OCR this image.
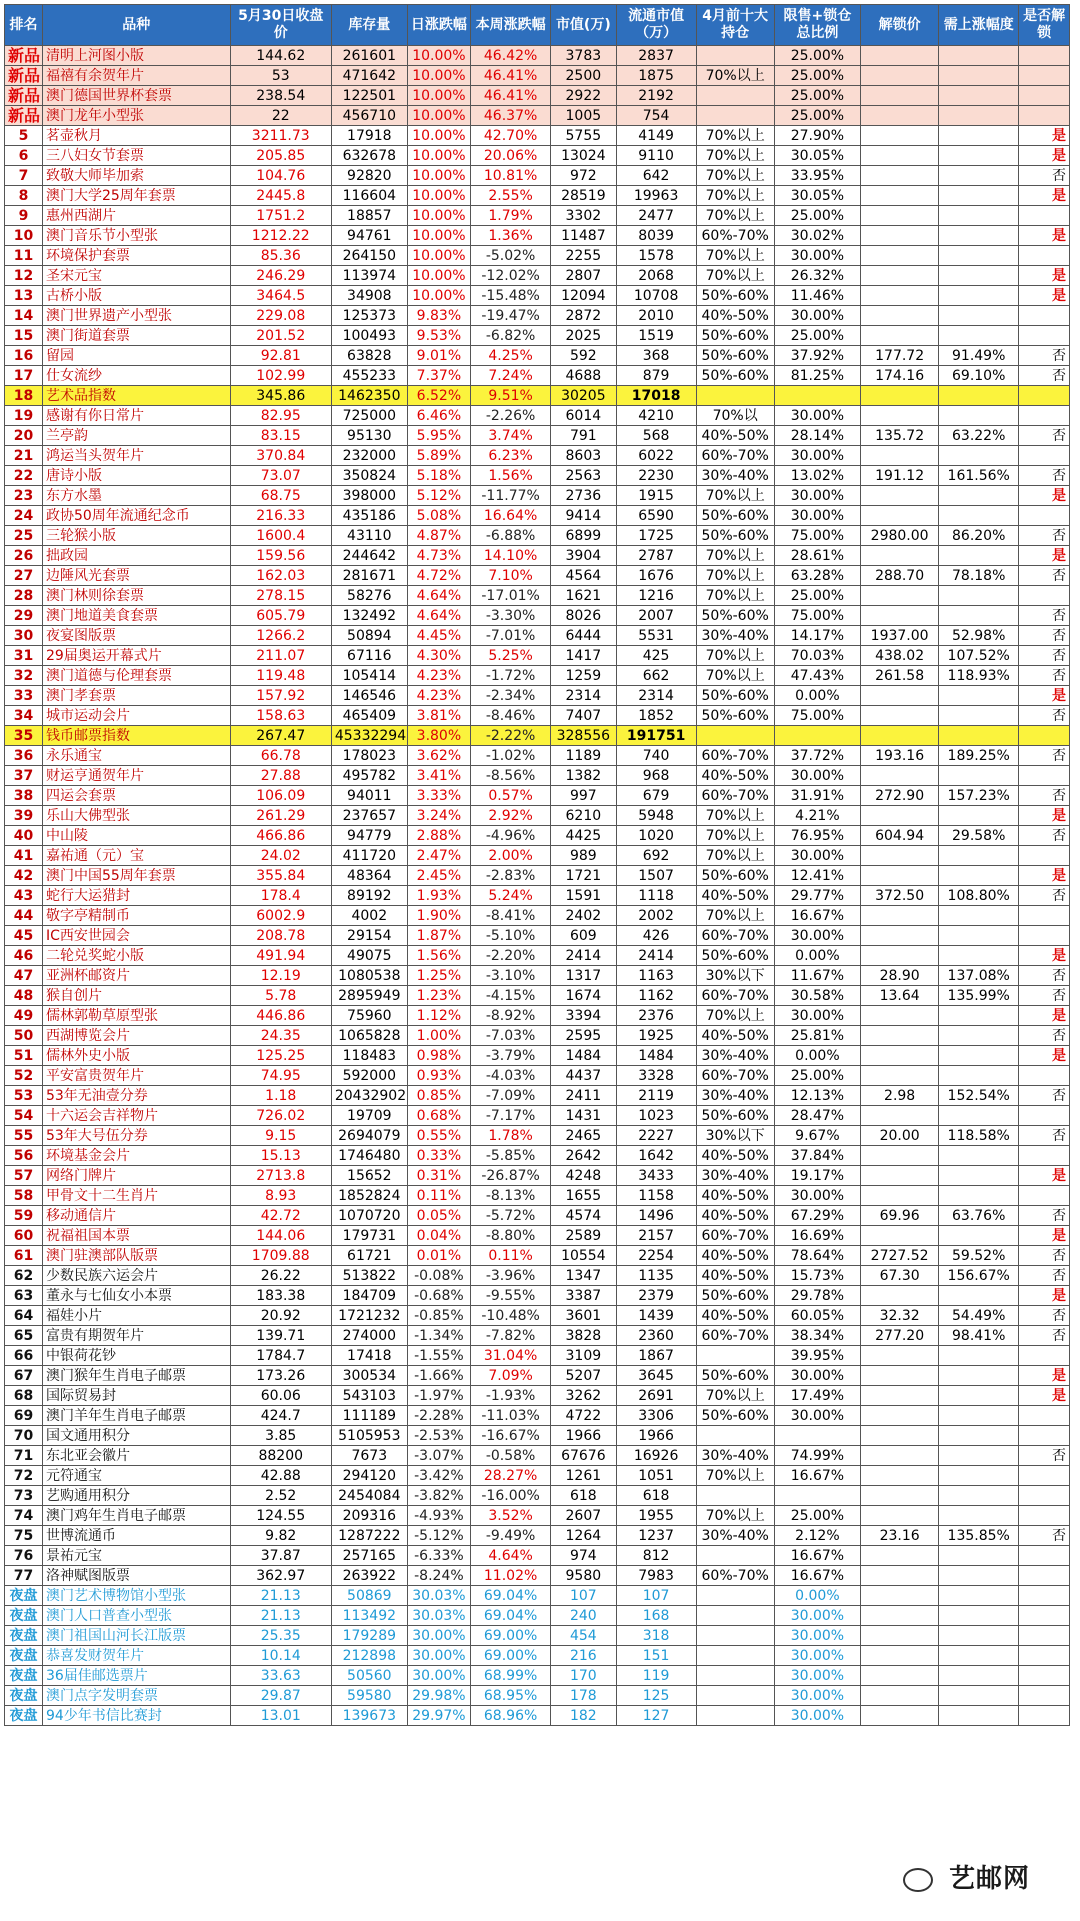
排名	品种	5月30日收盘价	库存量	日涨跌幅	本周涨跌幅	市值(万)	流通市值（万）	4月前十大持仓	限售+锁仓总比例	解锁价	需上涨幅度	是否解锁
新品	清明上河图小版	144.62	261601	10.00%	46.42%	3783	2837		25.00%			
新品	福禧有余贺年片	53	471642	10.00%	46.41%	2500	1875	70%以上	25.00%			
新品	澳门德国世界杯套票	238.54	122501	10.00%	46.41%	2922	2192		25.00%			
新品	澳门龙年小型张	22	456710	10.00%	46.37%	1005	754		25.00%			
5	茗壶秋月	3211.73	17918	10.00%	42.70%	5755	4149	70%以上	27.90%			是
6	三八妇女节套票	205.85	632678	10.00%	20.06%	13024	9110	70%以上	30.05%			是
7	致敬大师毕加索	104.76	92820	10.00%	10.81%	972	642	70%以上	33.95%			否
8	澳门大学25周年套票	2445.8	116604	10.00%	2.55%	28519	19963	70%以上	30.05%			是
9	惠州西湖片	1751.2	18857	10.00%	1.79%	3302	2477	70%以上	25.00%			
10	澳门音乐节小型张	1212.22	94761	10.00%	1.36%	11487	8039	60%-70%	30.02%			是
11	环境保护套票	85.36	264150	10.00%	-5.02%	2255	1578	70%以上	30.00%			
12	圣宋元宝	246.29	113974	10.00%	-12.02%	2807	2068	70%以上	26.32%			是
13	古桥小版	3464.5	34908	10.00%	-15.48%	12094	10708	50%-60%	11.46%			是
14	澳门世界遗产小型张	229.08	125373	9.83%	-19.47%	2872	2010	40%-50%	30.00%			
15	澳门街道套票	201.52	100493	9.53%	-6.82%	2025	1519	50%-60%	25.00%			
16	留园	92.81	63828	9.01%	4.25%	592	368	50%-60%	37.92%	177.72	91.49%	否
17	仕女流纱	102.99	455233	7.37%	7.24%	4688	879	50%-60%	81.25%	174.16	69.10%	否
18	艺术品指数	345.86	1462350	6.52%	9.51%	30205	17018					
19	感谢有你日常片	82.95	725000	6.46%	-2.26%	6014	4210	70%以	30.00%			
20	兰亭韵	83.15	95130	5.95%	3.74%	791	568	40%-50%	28.14%	135.72	63.22%	否
21	鸿运当头贺年片	370.84	232000	5.89%	6.23%	8603	6022	60%-70%	30.00%			
22	唐诗小版	73.07	350824	5.18%	1.56%	2563	2230	30%-40%	13.02%	191.12	161.56%	否
23	东方水墨	68.75	398000	5.12%	-11.77%	2736	1915	70%以上	30.00%			是
24	政协50周年流通纪念币	216.33	435186	5.08%	16.64%	9414	6590	50%-60%	30.00%			
25	三轮猴小版	1600.4	43110	4.87%	-6.88%	6899	1725	50%-60%	75.00%	2980.00	86.20%	否
26	拙政园	159.56	244642	4.73%	14.10%	3904	2787	70%以上	28.61%			是
27	边陲风光套票	162.03	281671	4.72%	7.10%	4564	1676	70%以上	63.28%	288.70	78.18%	否
28	澳门林则徐套票	278.15	58276	4.64%	-17.01%	1621	1216	70%以上	25.00%			
29	澳门地道美食套票	605.79	132492	4.64%	-3.30%	8026	2007	50%-60%	75.00%			否
30	夜宴图版票	1266.2	50894	4.45%	-7.01%	6444	5531	30%-40%	14.17%	1937.00	52.98%	否
31	29届奥运开幕式片	211.07	67116	4.30%	5.25%	1417	425	70%以上	70.03%	438.02	107.52%	否
32	澳门道德与伦理套票	119.48	105414	4.23%	-1.72%	1259	662	70%以上	47.43%	261.58	118.93%	否
33	澳门孝套票	157.92	146546	4.23%	-2.34%	2314	2314	50%-60%	0.00%			是
34	城市运动会片	158.63	465409	3.81%	-8.46%	7407	1852	50%-60%	75.00%			否
35	钱币邮票指数	267.47	45332294	3.80%	-2.22%	328556	191751					
36	永乐通宝	66.78	178023	3.62%	-1.02%	1189	740	60%-70%	37.72%	193.16	189.25%	否
37	财运亨通贺年片	27.88	495782	3.41%	-8.56%	1382	968	40%-50%	30.00%			
38	四运会套票	106.09	94011	3.33%	0.57%	997	679	60%-70%	31.91%	272.90	157.23%	否
39	乐山大佛型张	261.29	237657	3.24%	2.92%	6210	5948	70%以上	4.21%			是
40	中山陵	466.86	94779	2.88%	-4.96%	4425	1020	70%以上	76.95%	604.94	29.58%	否
41	嘉祐通（元）宝	24.02	411720	2.47%	2.00%	989	692	70%以上	30.00%			
42	澳门中国55周年套票	355.84	48364	2.45%	-2.83%	1721	1507	50%-60%	12.41%			是
43	蛇行大运猎封	178.4	89192	1.93%	5.24%	1591	1118	40%-50%	29.77%	372.50	108.80%	否
44	敬字亭精制币	6002.9	4002	1.90%	-8.41%	2402	2002	70%以上	16.67%			
45	IC西安世园会	208.78	29154	1.87%	-5.10%	609	426	60%-70%	30.00%			
46	二轮兑奖蛇小版	491.94	49075	1.56%	-2.20%	2414	2414	50%-60%	0.00%			是
47	亚洲杯邮资片	12.19	1080538	1.25%	-3.10%	1317	1163	30%以下	11.67%	28.90	137.08%	否
48	猴自创片	5.78	2895949	1.23%	-4.15%	1674	1162	60%-70%	30.58%	13.64	135.99%	否
49	儒林郭勒草原型张	446.86	75960	1.12%	-8.92%	3394	2376	70%以上	30.00%			是
50	西湖博览会片	24.35	1065828	1.00%	-7.03%	2595	1925	40%-50%	25.81%			否
51	儒林外史小版	125.25	118483	0.98%	-3.79%	1484	1484	30%-40%	0.00%			是
52	平安富贵贺年片	74.95	592000	0.93%	-4.03%	4437	3328	60%-70%	25.00%			
53	53年无油壹分券	1.18	20432902	0.85%	-7.09%	2411	2119	30%-40%	12.13%	2.98	152.54%	否
54	十六运会吉祥物片	726.02	19709	0.68%	-7.17%	1431	1023	50%-60%	28.47%			
55	53年大号伍分券	9.15	2694079	0.55%	1.78%	2465	2227	30%以下	9.67%	20.00	118.58%	否
56	环境基金会片	15.13	1746480	0.33%	-5.85%	2642	1642	40%-50%	37.84%			
57	网络门牌片	2713.8	15652	0.31%	-26.87%	4248	3433	30%-40%	19.17%			是
58	甲骨文十二生肖片	8.93	1852824	0.11%	-8.13%	1655	1158	40%-50%	30.00%			
59	移动通信片	42.72	1070720	0.05%	-5.72%	4574	1496	40%-50%	67.29%	69.96	63.76%	否
60	祝福祖国本票	144.06	179731	0.04%	-8.80%	2589	2157	60%-70%	16.69%			是
61	澳门驻澳部队版票	1709.88	61721	0.01%	0.11%	10554	2254	40%-50%	78.64%	2727.52	59.52%	否
62	少数民族六运会片	26.22	513822	-0.08%	-3.96%	1347	1135	40%-50%	15.73%	67.30	156.67%	否
63	董永与七仙女小本票	183.38	184709	-0.68%	-9.55%	3387	2379	50%-60%	29.78%			是
64	福娃小片	20.92	1721232	-0.85%	-10.48%	3601	1439	40%-50%	60.05%	32.32	54.49%	否
65	富贵有期贺年片	139.71	274000	-1.34%	-7.82%	3828	2360	60%-70%	38.34%	277.20	98.41%	否
66	中银荷花钞	1784.7	17418	-1.55%	31.04%	3109	1867		39.95%			
67	澳门猴年生肖电子邮票	173.26	300534	-1.66%	7.09%	5207	3645	50%-60%	30.00%			是
68	国际贸易封	60.06	543103	-1.97%	-1.93%	3262	2691	70%以上	17.49%			是
69	澳门羊年生肖电子邮票	424.7	111189	-2.28%	-11.03%	4722	3306	50%-60%	30.00%			
70	国文通用积分	3.85	5105953	-2.53%	-16.67%	1966	1966					
71	东北亚会徽片	88200	7673	-3.07%	-0.58%	67676	16926	30%-40%	74.99%			否
72	元符通宝	42.88	294120	-3.42%	28.27%	1261	1051	70%以上	16.67%			
73	艺购通用积分	2.52	2454084	-3.82%	-16.00%	618	618					
74	澳门鸡年生肖电子邮票	124.55	209316	-4.93%	3.52%	2607	1955	70%以上	25.00%			
75	世博流通币	9.82	1287222	-5.12%	-9.49%	1264	1237	30%-40%	2.12%	23.16	135.85%	否
76	景祐元宝	37.87	257165	-6.33%	4.64%	974	812		16.67%			
77	洛神赋图版票	362.97	263922	-8.24%	11.02%	9580	7983	60%-70%	16.67%			
夜盘	澳门艺术博物馆小型张	21.13	50869	30.03%	69.04%	107	107		0.00%			
夜盘	澳门人口普查小型张	21.13	113492	30.03%	69.04%	240	168		30.00%			
夜盘	澳门祖国山河长江版票	25.35	179289	30.00%	69.00%	454	318		30.00%			
夜盘	恭喜发财贺年片	10.14	212898	30.00%	69.00%	216	151		30.00%			
夜盘	36届佳邮选票片	33.63	50560	30.00%	68.99%	170	119		30.00%			
夜盘	澳门点字发明套票	29.87	59580	29.98%	68.95%	178	125		30.00%			
夜盘	94少年书信比赛封	13.01	139673	29.97%	68.96%	182	127		30.00%			
艺邮网
